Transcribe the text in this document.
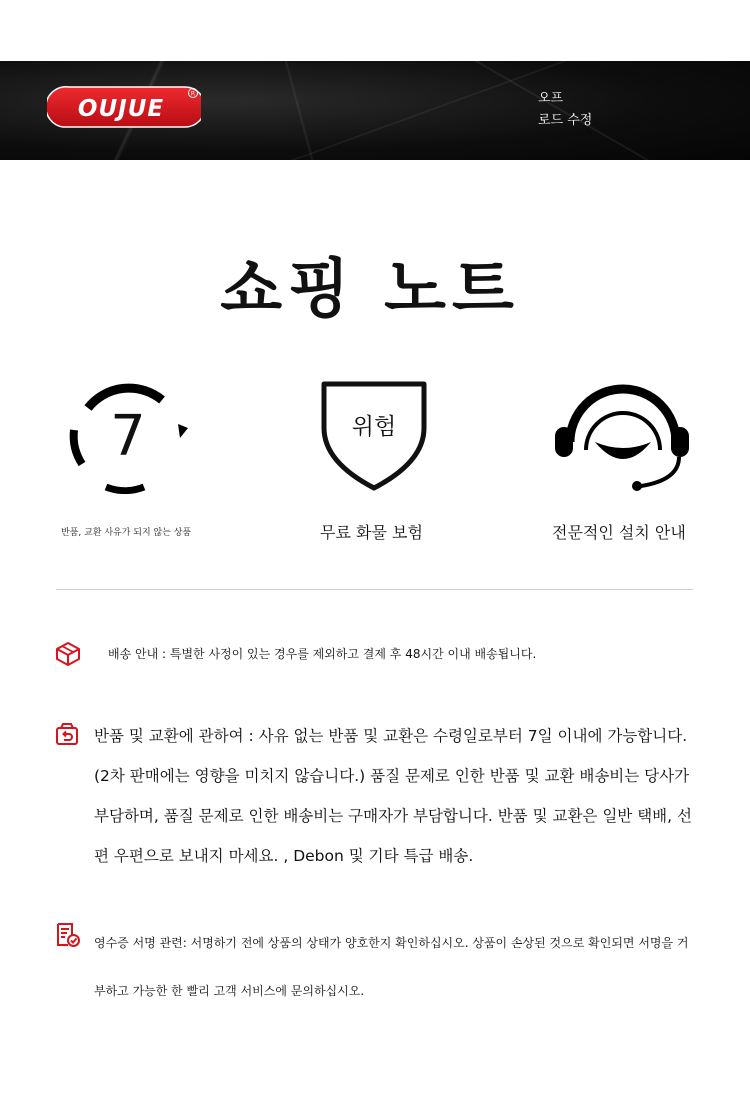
OUJUE
R	오프
로드 수정
쇼핑 노트
7
반품, 교환 사유가 되지 않는 상품
위험
무료 화물 보험	전문적인 설치 안내
배송 안내 : 특별한 사정이 있는 경우를 제외하고 결제 후 48시간 이내 배송됩니다.
반품 및 교환에 관하여 : 사유 없는 반품 및 교환은 수령일로부터 7일 이내에 가능합니다. (2차 판매에는 영향을 미치지 않습니다.) 품질 문제로 인한 반품 및 교환 배송비는 당사가 부담하며, 품질 문제로 인한 배송비는 구매자가 부담합니다. 반품 및 교환은 일반 택배, 선편 우편으로 보내지 마세요. , Debon 및 기타 특급 배송.
영수증 서명 관련: 서명하기 전에 상품의 상태가 양호한지 확인하십시오. 상품이 손상된 것으로 확인되면 서명을 거부하고 가능한 한 빨리 고객 서비스에 문의하십시오.
